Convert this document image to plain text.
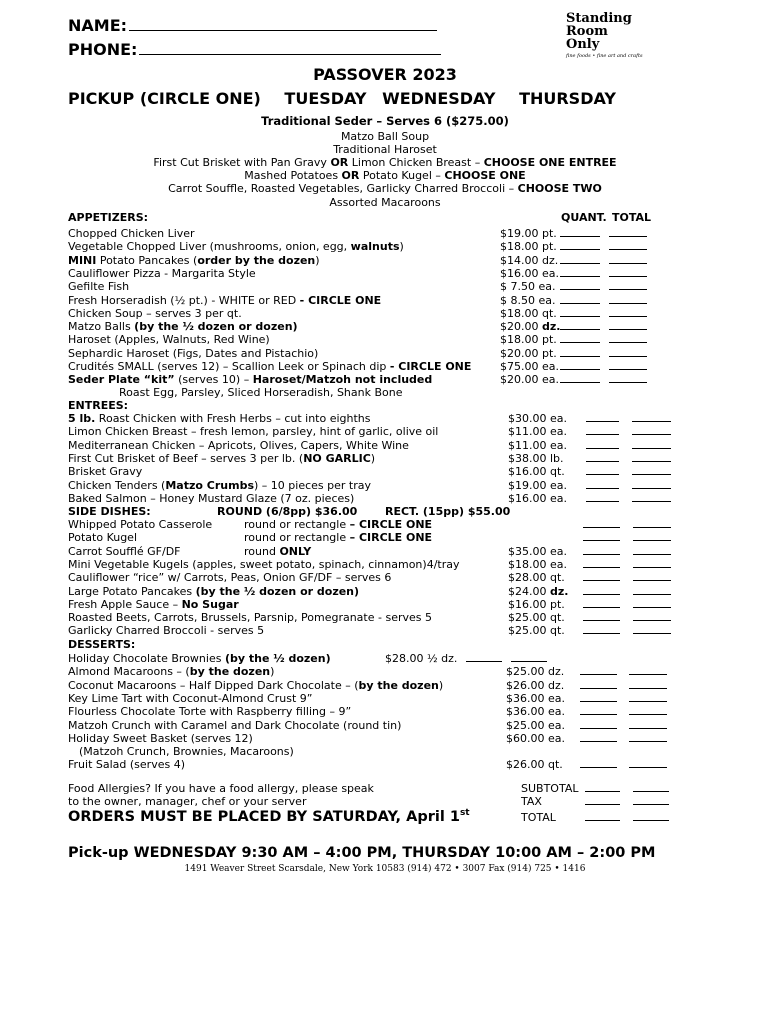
NAME:
PHONE:
Standing
Room
Only
fine foods • fine art and crafts
PASSOVER 2023
PICKUP (CIRCLE ONE) TUESDAY WEDNESDAY THURSDAY
Traditional Seder – Serves 6 ($275.00)
Matzo Ball Soup
Traditional Haroset
First Cut Brisket with Pan Gravy OR Limon Chicken Breast – CHOOSE ONE ENTREE
Mashed Potatoes OR Potato Kugel – CHOOSE ONE
Carrot Souffle, Roasted Vegetables, Garlicky Charred Broccoli – CHOOSE TWO
Assorted Macaroons
APPETIZERS:	QUANT. TOTAL
Chopped Chicken Liver	$19.00 pt.
Vegetable Chopped Liver (mushrooms, onion, egg, walnuts)	$18.00 pt.
MINI Potato Pancakes (order by the dozen)	$14.00 dz.
Cauliflower Pizza - Margarita Style	$16.00 ea.
Gefilte Fish	$ 7.50 ea.
Fresh Horseradish (½ pt.) - WHITE or RED - CIRCLE ONE	$ 8.50 ea.
Chicken Soup – serves 3 per qt.	$18.00 qt.
Matzo Balls (by the ½ dozen or dozen)	$20.00 dz.
Haroset (Apples, Walnuts, Red Wine)	$18.00 pt.
Sephardic Haroset (Figs, Dates and Pistachio)	$20.00 pt.
Crudités SMALL (serves 12) – Scallion Leek or Spinach dip - CIRCLE ONE	$75.00 ea.
Seder Plate “kit” (serves 10) – Haroset/Matzoh not included	$20.00 ea.
Roast Egg, Parsley, Sliced Horseradish, Shank Bone
ENTREES:
5 lb. Roast Chicken with Fresh Herbs – cut into eighths	$30.00 ea.
Limon Chicken Breast – fresh lemon, parsley, hint of garlic, olive oil	$11.00 ea.
Mediterranean Chicken – Apricots, Olives, Capers, White Wine	$11.00 ea.
First Cut Brisket of Beef – serves 3 per lb. (NO GARLIC)	$38.00 lb.
Brisket Gravy	$16.00 qt.
Chicken Tenders (Matzo Crumbs) – 10 pieces per tray	$19.00 ea.
Baked Salmon – Honey Mustard Glaze (7 oz. pieces)	$16.00 ea.
SIDE DISHES:	ROUND (6/8pp) $36.00	RECT. (15pp) $55.00
Whipped Potato Casserole	round or rectangle – CIRCLE ONE
Potato Kugel	round or rectangle – CIRCLE ONE
Carrot Soufflé GF/DF	round ONLY	$35.00 ea.
Mini Vegetable Kugels (apples, sweet potato, spinach, cinnamon)4/tray	$18.00 ea.
Cauliflower “rice” w/ Carrots, Peas, Onion GF/DF – serves 6	$28.00 qt.
Large Potato Pancakes (by the ½ dozen or dozen)	$24.00 dz.
Fresh Apple Sauce – No Sugar	$16.00 pt.
Roasted Beets, Carrots, Brussels, Parsnip, Pomegranate - serves 5	$25.00 qt.
Garlicky Charred Broccoli - serves 5	$25.00 qt.
DESSERTS:
Holiday Chocolate Brownies (by the ½ dozen)	$28.00 ½ dz.
Almond Macaroons – (by the dozen)	$25.00 dz.
Coconut Macaroons – Half Dipped Dark Chocolate – (by the dozen)	$26.00 dz.
Key Lime Tart with Coconut-Almond Crust 9”	$36.00 ea.
Flourless Chocolate Torte with Raspberry filling – 9”	$36.00 ea.
Matzoh Crunch with Caramel and Dark Chocolate (round tin)	$25.00 ea.
Holiday Sweet Basket (serves 12)	$60.00 ea.
(Matzoh Crunch, Brownies, Macaroons)
Fruit Salad (serves 4)	$26.00 qt.
Food Allergies? If you have a food allergy, please speak
to the owner, manager, chef or your server
SUBTOTAL
TAX
TOTAL
ORDERS MUST BE PLACED BY SATURDAY, April 1st
Pick-up WEDNESDAY 9:30 AM – 4:00 PM, THURSDAY 10:00 AM – 2:00 PM
1491 Weaver Street Scarsdale, New York 10583 (914) 472 • 3007 Fax (914) 725 • 1416
